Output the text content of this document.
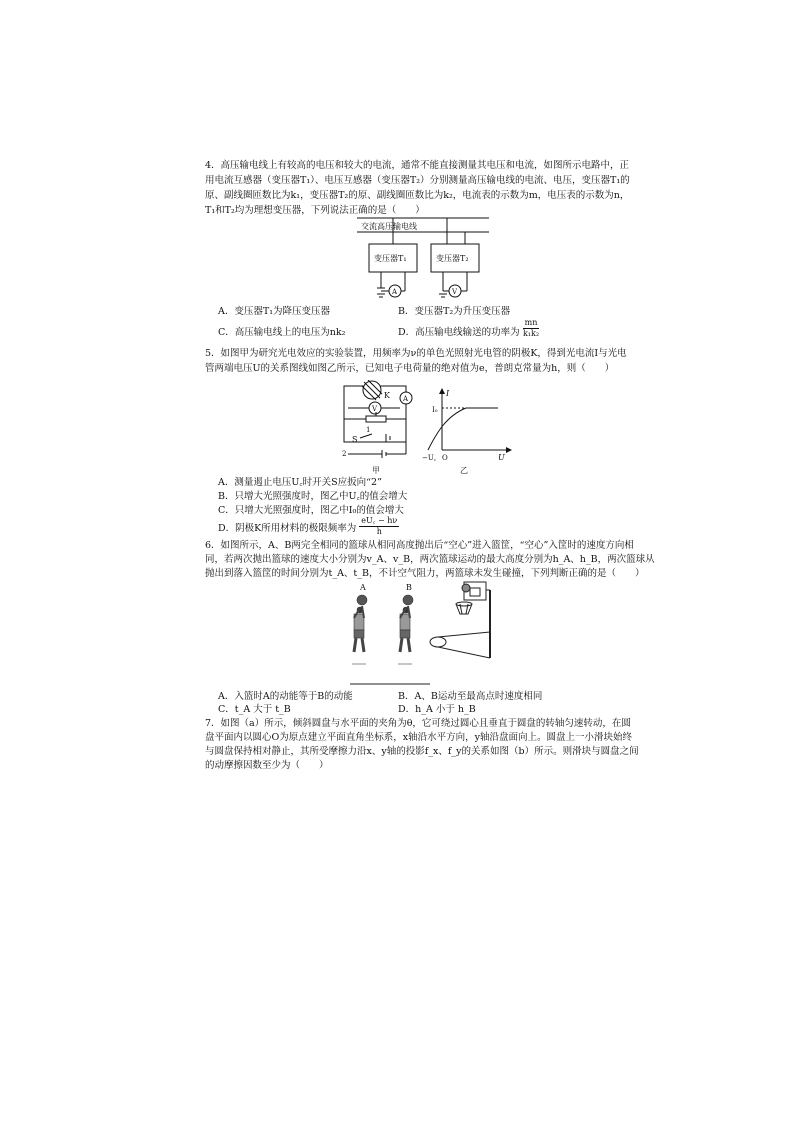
4．高压输电线上有较高的电压和较大的电流，通常不能直接测量其电压和电流，如图所示电路中，正
用电流互感器（变压器T₁）、电压互感器（变压器T₂）分别测量高压输电线的电流、电压，变压器T₁的
原、副线圈匝数比为k₁，变压器T₂的原、副线圈匝数比为k₂，电流表的示数为m，电压表的示数为n，
T₁和T₂均为理想变压器，下列说法正确的是（　　）
交流高压输电线
变压器T₁	变压器T₂
A	V
A．变压器T₁为降压变压器	B．变压器T₂为升压变压器
C．高压输电线上的电压为nk₂	D．高压输电线输送的功率为 $\frac{mn}{\text{k₁k₂}}$
5．如图甲为研究光电效应的实验装置，用频率为ν的单色光照射光电管的阴极K，得到光电流I与光电
管两端电压U的关系图线如图乙所示，已知电子电荷量的绝对值为e，普朗克常量为h，则（　　）
K A
V
1
S
2
甲
I
I₀
−U꜀ O	U
乙
A．测量遏止电压U꜀时开关S应扳向“2”
B．只增大光照强度时，图乙中U꜀的值会增大
C．只增大光照强度时，图乙中I₀的值会增大
D．阴极K所用材料的极限频率为 $\frac{eU꜀ - h\nu}{h}$
6．如图所示，A、B两完全相同的篮球从相同高度抛出后“空心”进入篮筐，“空心”入筐时的速度方向相
同，若两次抛出篮球的速度大小分别为v_A、v_B，两次篮球运动的最大高度分别为h_A、h_B，两次篮球从
抛出到落入篮筐的时间分别为t_A、t_B，不计空气阻力，两篮球未发生碰撞，下列判断正确的是（　　）
A	B
A．入篮时A的动能等于B的动能	B．A、B运动至最高点时速度相同
C．t_A 大于 t_B	D．h_A 小于 h_B
7．如图（a）所示，倾斜圆盘与水平面的夹角为θ，它可绕过圆心且垂直于圆盘的转轴匀速转动，在圆
盘平面内以圆心O为原点建立平面直角坐标系，x轴沿水平方向，y轴沿盘面向上。圆盘上一小滑块始终
与圆盘保持相对静止，其所受摩擦力沿x、y轴的投影f_x、f_y的关系如图（b）所示。则滑块与圆盘之间
的动摩擦因数至少为（　　）
